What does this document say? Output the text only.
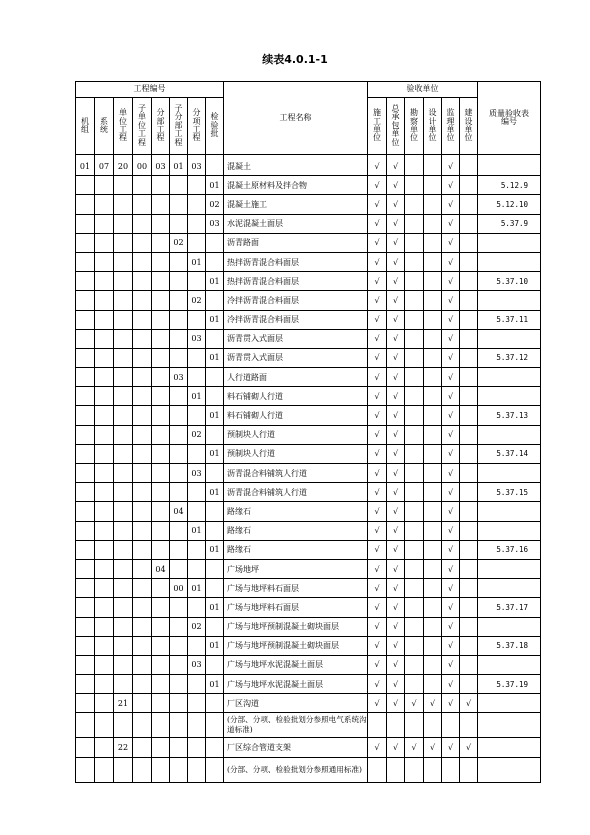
续表4.0.1-1
工程编号								工程名称	验收单位						质量验收表编号
机组	系统	单位工程	子单位工程	分部工程	子分部工程	分项工程	检验批		施工单位	总承包单位	勘察单位	设计单位	监理单位	建设单位	
01	07	20	00	03	01	03		混凝土	√	√			√		
							01	混凝土原材料及拌合物	√	√			√		5.12.9
							02	混凝土施工	√	√			√		5.12.10
							03	水泥混凝土面层	√	√			√		5.37.9
					02			沥青路面	√	√			√		
						01		热拌沥青混合料面层	√	√			√		
							01	热拌沥青混合料面层	√	√			√		5.37.10
						02		冷拌沥青混合料面层	√	√			√		
							01	冷拌沥青混合料面层	√	√			√		5.37.11
						03		沥青贯入式面层	√	√			√		
							01	沥青贯入式面层	√	√			√		5.37.12
					03			人行道路面	√	√			√		
						01		料石铺砌人行道	√	√			√		
							01	料石铺砌人行道	√	√			√		5.37.13
						02		预制块人行道	√	√			√		
							01	预制块人行道	√	√			√		5.37.14
						03		沥青混合料铺筑人行道	√	√			√		
							01	沥青混合料铺筑人行道	√	√			√		5.37.15
					04			路缘石	√	√			√		
						01		路缘石	√	√			√		
							01	路缘石	√	√			√		5.37.16
				04				广场地坪	√	√			√		
					00	01		广场与地坪料石面层	√	√			√		
							01	广场与地坪料石面层	√	√			√		5.37.17
						02		广场与地坪预制混凝土砌块面层	√	√			√		
							01	广场与地坪预制混凝土砌块面层	√	√			√		5.37.18
						03		广场与地坪水泥混凝土面层	√	√			√		
							01	广场与地坪水泥混凝土面层	√	√			√		5.37.19
		21						厂区沟道	√	√	√	√	√	√	
								(分部、分项、检验批划分参照电气系统沟道标准)							
		22						厂区综合管道支架	√	√	√	√	√	√	
								(分部、分项、检验批划分参照通用标准)							
